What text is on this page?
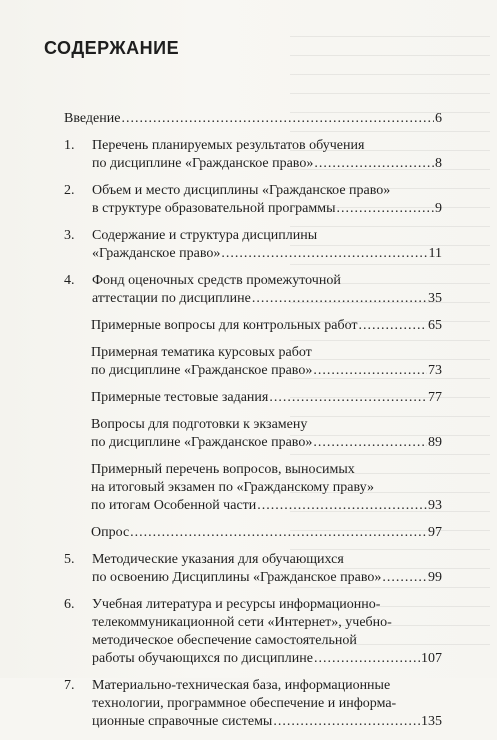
СОДЕРЖАНИЕ
Введение .....	6
1. Перечень планируемых результатов обучения
по дисциплине «Гражданское право» .....	8
2. Объем и место дисциплины «Гражданское право»
в структуре образовательной программы .....	9
3. Содержание и структура дисциплины
«Гражданское право» .....	11
4. Фонд оценочных средств промежуточной
аттестации по дисциплине .....	35
Примерные вопросы для контрольных работ .....	65
Примерная тематика курсовых работ
по дисциплине «Гражданское право» .....	73
Примерные тестовые задания .....	77
Вопросы для подготовки к экзамену
по дисциплине «Гражданское право» .....	89
Примерный перечень вопросов, выносимых
на итоговый экзамен по «Гражданскому праву»
по итогам Особенной части .....	93
Опрос .....	97
5. Методические указания для обучающихся
по освоению Дисциплины «Гражданское право» .....	99
6. Учебная литература и ресурсы информационно-
телекоммуникационной сети «Интернет», учебно-
методическое обеспечение самостоятельной
работы обучающихся по дисциплине .....	107
7. Материально-техническая база, информационные
технологии, программное обеспечение и информа-
ционные справочные системы .....	135
